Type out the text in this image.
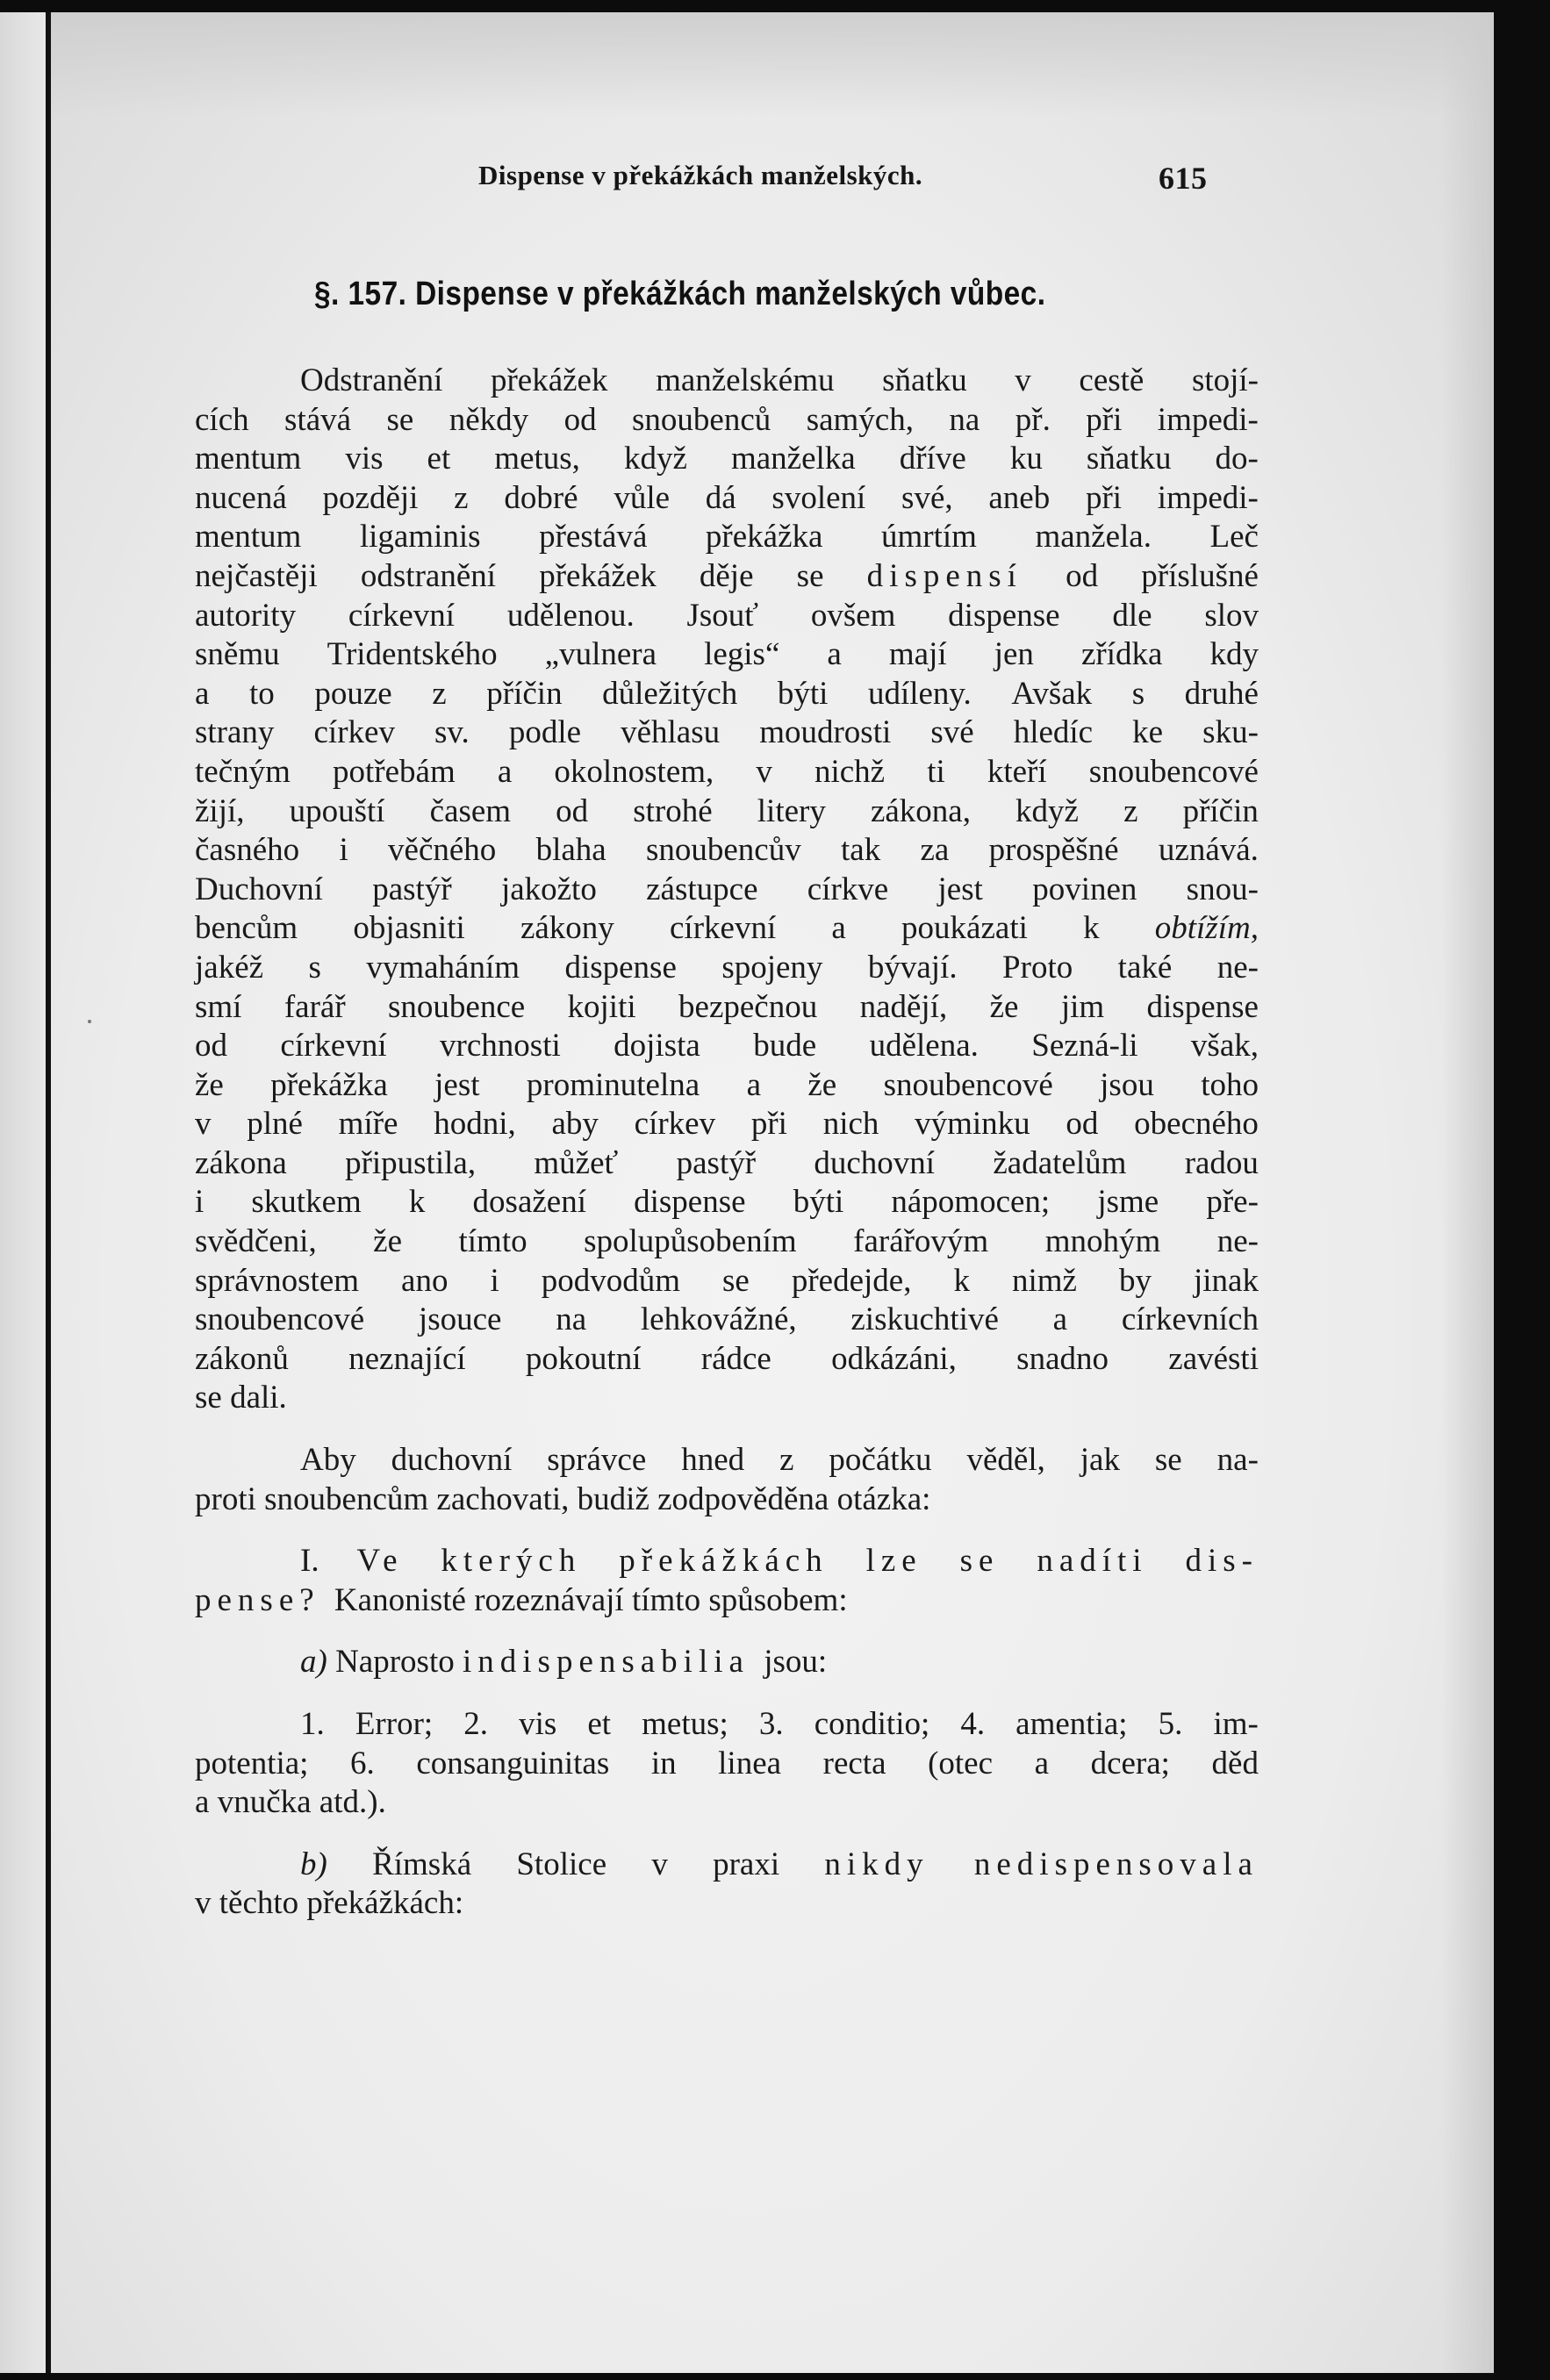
Dispense v překážkách manželských.	615
§. 157. Dispense v překážkách manželských vůbec.
Odstranění překážek manželskému sňatku v cestě stojí-
cích stává se někdy od snoubenců samých, na př. při impedi-
mentum vis et metus, když manželka dříve ku sňatku do-
nucená později z dobré vůle dá svolení své, aneb při impedi-
mentum ligaminis přestává překážka úmrtím manžela. Leč
nejčastěji odstranění překážek děje se dispensí od příslušné
autority církevní udělenou. Jsouť ovšem dispense dle slov
sněmu Tridentského „vulnera legis“ a mají jen zřídka kdy
a to pouze z příčin důležitých býti udíleny. Avšak s druhé
strany církev sv. podle věhlasu moudrosti své hledíc ke sku-
tečným potřebám a okolnostem, v nichž ti kteří snoubencové
žijí, upouští časem od strohé litery zákona, když z příčin
časného i věčného blaha snoubencův tak za prospěšné uznává.
Duchovní pastýř jakožto zástupce církve jest povinen snou-
bencům objasniti zákony církevní a poukázati k obtížím,
jakéž s vymaháním dispense spojeny bývají. Proto také ne-
smí farář snoubence kojiti bezpečnou nadějí, že jim dispense
od církevní vrchnosti dojista bude udělena. Sezná-li však,
že překážka jest prominutelna a že snoubencové jsou toho
v plné míře hodni, aby církev při nich výminku od obecného
zákona připustila, můžeť pastýř duchovní žadatelům radou
i skutkem k dosažení dispense býti nápomocen; jsme pře-
svědčeni, že tímto spolupůsobením farářovým mnohým ne-
správnostem ano i podvodům se předejde, k nimž by jinak
snoubencové jsouce na lehkovážné, ziskuchtivé a církevních
zákonů neznající pokoutní rádce odkázáni, snadno zavésti
se dali.
Aby duchovní správce hned z počátku věděl, jak se na-
proti snoubencům zachovati, budiž zodpověděna otázka:
I. Ve kterých překážkách lze se nadíti dis-
pense? Kanonisté rozeznávají tímto spůsobem:
a) Naprosto indispensabilia jsou:
1. Error; 2. vis et metus; 3. conditio; 4. amentia; 5. im-
potentia; 6. consanguinitas in linea recta (otec a dcera; děd
a vnučka atd.).
b) Římská Stolice v praxi nikdy nedispensovala
v těchto překážkách:
